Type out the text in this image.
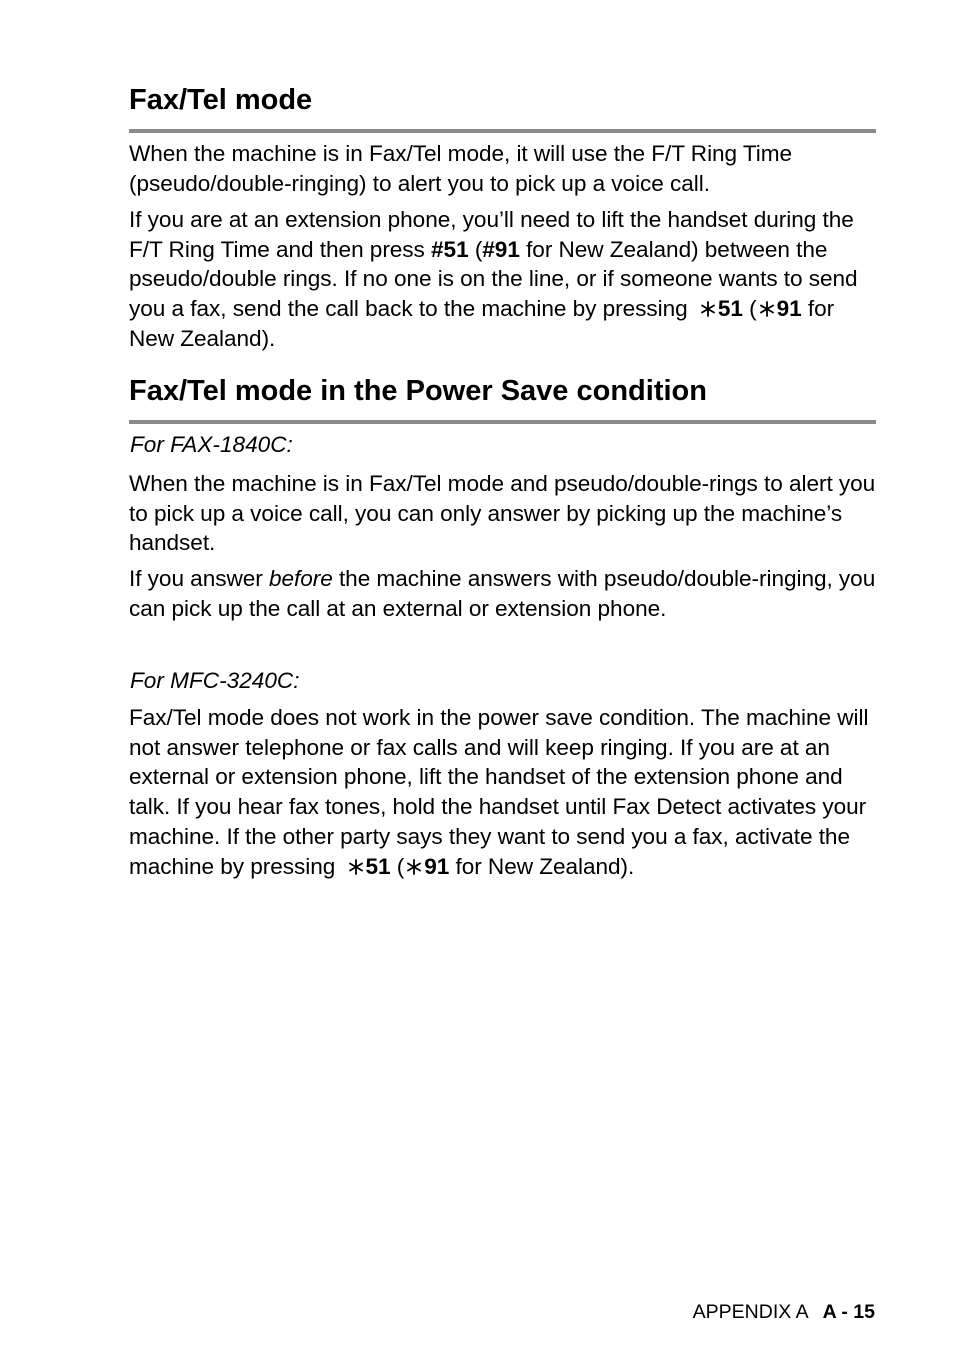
Fax/Tel mode

When the machine is in Fax/Tel mode, it will use the F/T Ring Time (pseudo/double-ringing) to alert you to pick up a voice call.

If you are at an extension phone, you’ll need to lift the handset during the F/T Ring Time and then press #51 (#91 for New Zealand) between the pseudo/double rings. If no one is on the line, or if someone wants to send you a fax, send the call back to the machine by pressing
51 ( 91 for New Zealand).

Fax/Tel mode in the Power Save condition
For FAX-1840C:

When the machine is in Fax/Tel mode and pseudo/double-rings to alert you to pick up a voice call, you can only answer by picking up the machine’s handset.

If you answer before the machine answers with pseudo/double-ringing, you can pick up the call at an external or extension phone.

For MFC-3240C:

Fax/Tel mode does not work in the power save condition. The machine will not answer telephone or fax calls and will keep ringing. If you are at an external or extension phone, lift the handset of the extension phone and talk. If you hear fax tones, hold the handset until Fax Detect activates your machine. If the other party says they want to send you a fax, activate the machine by pressing
51 ( 91 for New Zealand).

APPENDIX A A - 15
